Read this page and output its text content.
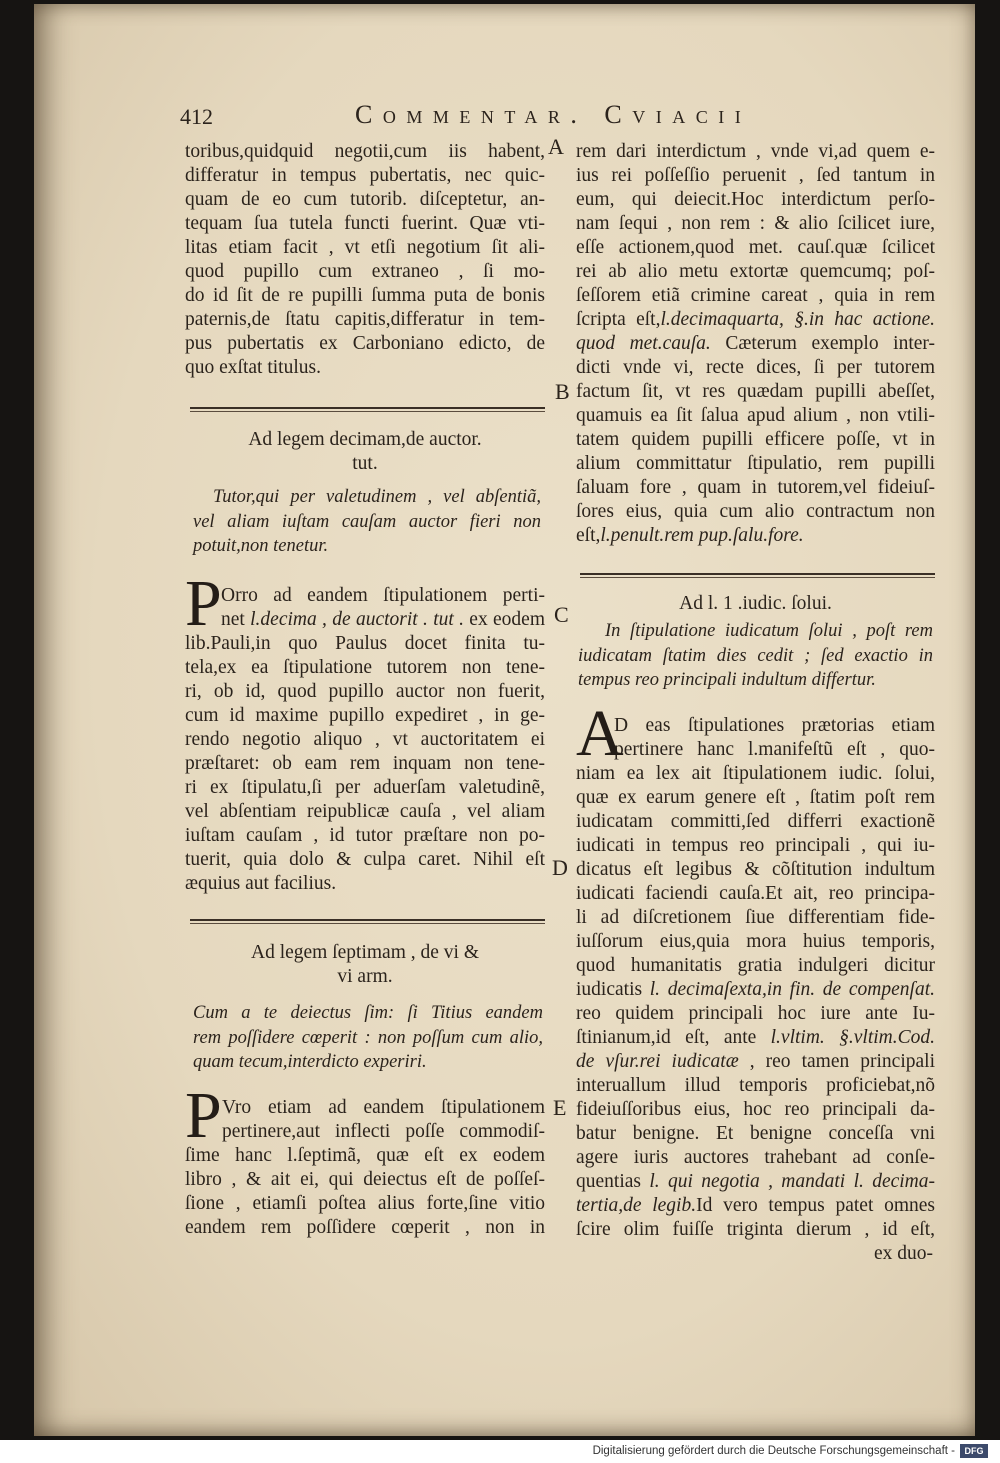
412	Commentar. Cviacii
A
B
C
D
E
toribus,quidquid negotii,cum iis habent,
differatur in tempus pubertatis, nec quic-
quam de eo cum tutorib. diſceptetur, an-
tequam ſua tutela functi fuerint. Quæ vti-
litas etiam facit , vt etſi negotium ſit ali-
quod pupillo cum extraneo , ſi mo-
do id ſit de re pupilli ſumma puta de bonis
paternis,de ſtatu capitis,differatur in tem-
pus pubertatis ex Carboniano edicto, de
quo exſtat titulus.
Ad legem decimam,de auctor.
tut.
Tutor,qui per valetudinem , vel abſentiã,
vel aliam iuſtam cauſam auctor fieri non
potuit,non tenetur.
P Orro ad eandem ſtipulationem perti-
net l.decima , de auctorit . tut . ex eodem
lib.Pauli,in quo Paulus docet finita tu-
tela,ex ea ſtipulatione tutorem non tene-
ri, ob id, quod pupillo auctor non fuerit,
cum id maxime pupillo expediret , in ge-
rendo negotio aliquo , vt auctoritatem ei
præſtaret: ob eam rem inquam non tene-
ri ex ſtipulatu,ſi per aduerſam valetudinẽ,
vel abſentiam reipublicæ cauſa , vel aliam
iuſtam cauſam , id tutor præſtare non po-
tuerit, quia dolo & culpa caret. Nihil eſt
æquius aut facilius.
Ad legem ſeptimam , de vi &
vi arm.
Cum a te deiectus ſim: ſi Titius eandem
rem poſſidere cœperit : non poſſum cum alio,
quam tecum,interdicto experiri.
P Vro etiam ad eandem ſtipulationem
pertinere,aut inflecti poſſe commodiſ-
ſime hanc l.ſeptimã, quæ eſt ex eodem
libro , & ait ei, qui deiectus eſt de poſſeſ-
ſione , etiamſi poſtea alius forte,ſine vitio
eandem rem poſſidere cœperit , non in
rem dari interdictum , vnde vi,ad quem e-
ius rei poſſeſſio peruenit , ſed tantum in
eum, qui deiecit.Hoc interdictum perſo-
nam ſequi , non rem : & alio ſcilicet iure,
eſſe actionem,quod met. cauſ.quæ ſcilicet
rei ab alio metu extortæ quemcumq; poſ-
ſeſſorem etiã crimine careat , quia in rem
ſcripta eſt,l.decimaquarta, §.in hac actione.
quod met.cauſa. Cæterum exemplo inter-
dicti vnde vi, recte dices, ſi per tutorem
factum ſit, vt res quædam pupilli abeſſet,
quamuis ea ſit ſalua apud alium , non vtili-
tatem quidem pupilli efficere poſſe, vt in
alium committatur ſtipulatio, rem pupilli
ſaluam fore , quam in tutorem,vel fideiuſ-
ſores eius, quia cum alio contractum non
eſt,l.penult.rem pup.ſalu.fore.
Ad l. 1 .iudic. ſolui.
In ſtipulatione iudicatum ſolui , poſt rem
iudicatam ſtatim dies cedit ; ſed exactio in
tempus reo principali indultum differtur.
A
D eas ſtipulationes prætorias etiam
pertinere hanc l.manifeſtũ eſt , quo-
niam ea lex ait ſtipulationem iudic. ſolui,
quæ ex earum genere eſt , ſtatim poſt rem
iudicatam committi,ſed differri exactionẽ
iudicati in tempus reo principali , qui iu-
dicatus eſt legibus & cõſtitution indultum
iudicati faciendi cauſa.Et ait, reo principa-
li ad diſcretionem ſiue differentiam fide-
iuſſorum eius,quia mora huius temporis,
quod humanitatis gratia indulgeri dicitur
iudicatis l. decimaſexta,in fin. de compenſat.
reo quidem principali hoc iure ante Iu-
ſtinianum,id eſt, ante l.vltim. §.vltim.Cod.
de vſur.rei iudicatæ , reo tamen principali
interuallum illud temporis proficiebat,nõ
fideiuſſoribus eius, hoc reo principali da-
batur benigne. Et benigne conceſſa vni
agere iuris auctores trahebant ad conſe-
quentias l. qui negotia , mandati l. decima-
tertia,de legib.Id vero tempus patet omnes
ſcire olim fuiſſe triginta dierum , id eſt,
ex duo-
Digitalisierung gefördert durch die Deutsche Forschungsgemeinschaft -	DFG
